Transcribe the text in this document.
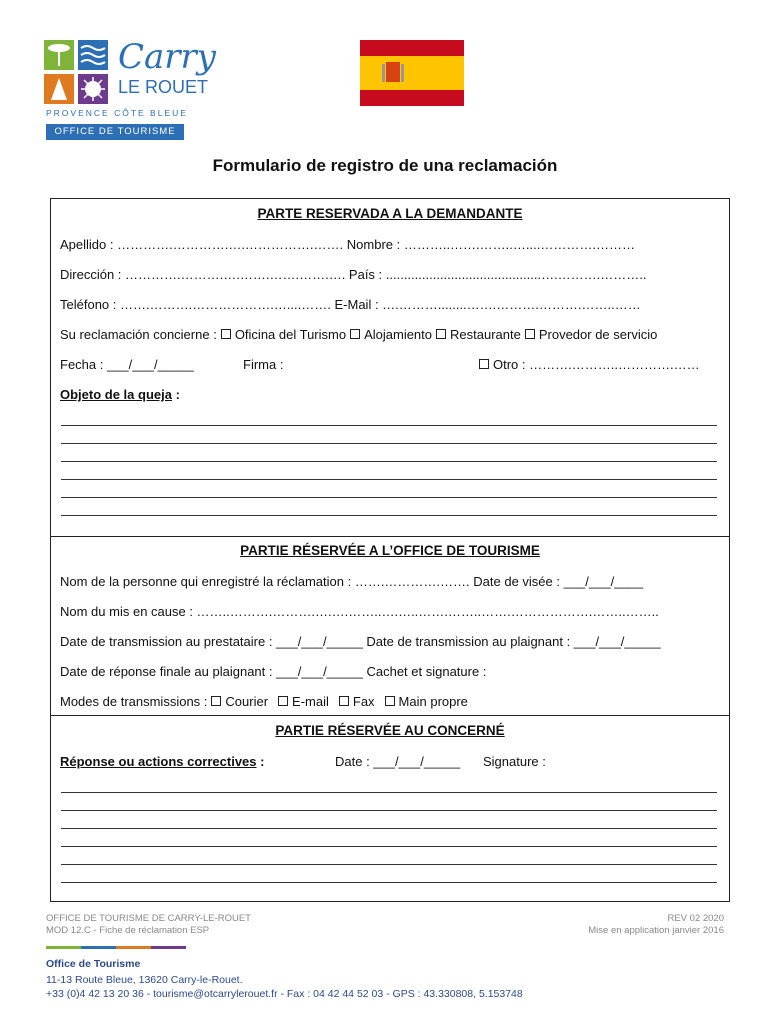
Carry
LE ROUET
PROVENCE CÔTE BLEUE
OFFICE DE TOURISME
Formulario de registro de una reclamación
PARTE RESERVADA A LA DEMANDANTE
Apellido : ………….………….….…………….……. Nombre : ………..…….……..…....………….………
Dirección : ………….……….….…….…….…….…. País : ...........................................….……….………..
Teléfono : …….……….……………….…....……. E-Mail : ….………........…….……….……….……..……
Su reclamación concierne : Oficina del Turismo Alojamiento Restaurante Provedor de servicio
Fecha : ___/___/_____	Firma :	Otro : ……….………..………….……
Objeto de la queja :
PARTIE RÉSERVÉE A L’OFFICE DE TOURISME
Nom de la personne qui enregistré la réclamation : …….………….……. Date de visée : ___/___/____
Nom du mis en cause : ……..……….……….….….……..….…..…….……..…….……………….……..……..
Date de transmission au prestataire : ___/___/_____ Date de transmission au plaignant : ___/___/_____
Date de réponse finale au plaignant : ___/___/_____ Cachet et signature :
Modes de transmissions : Courier E-mail Fax Main propre
PARTIE RÉSERVÉE AU CONCERNÉ
Réponse ou actions correctives :	Date : ___/___/_____ Signature :
OFFICE DE TOURISME DE CARRY-LE-ROUET
MOD 12.C - Fiche de réclamation ESP
REV 02 2020
Mise en application janvier 2016
Office de Tourisme
11-13 Route Bleue, 13620 Carry-le-Rouet.
+33 (0)4 42 13 20 36 - tourisme@otcarrylerouet.fr - Fax : 04 42 44 52 03 - GPS : 43.330808, 5.153748
